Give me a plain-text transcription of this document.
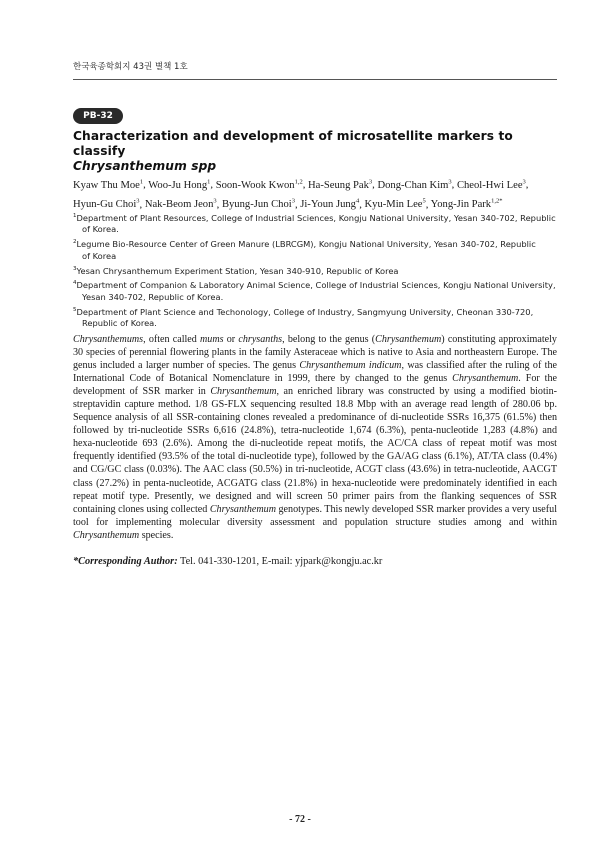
한국육종학회지 43권 별책 1호
PB-32
Characterization and development of microsatellite markers to classify
Chrysanthemum spp
Kyaw Thu Moe$^1$, Woo-Ju Hong$^1$, Soon-Wook Kwon$^{1,2}$, Ha-Seung Pak$^3$, Dong-Chan Kim$^3$, Cheol-Hwi Lee$^3$, Hyun-Gu Choi$^3$, Nak-Beom Jeon$^3$, Byung-Jun Choi$^3$, Ji-Youn Jung$^4$, Kyu-Min Lee$^5$, Yong-Jin Park$^{1,2*}$
$^1$Department of Plant Resources, College of Industrial Sciences, Kongju National University, Yesan 340-702, Republic
of Korea.
$^2$Legume Bio-Resource Center of Green Manure (LBRCGM), Kongju National University, Yesan 340-702, Republic
of Korea
$^3$Yesan Chrysanthemum Experiment Station, Yesan 340-910, Republic of Korea
$^4$Department of Companion & Laboratory Animal Science, College of Industrial Sciences, Kongju National University,
Yesan 340-702, Republic of Korea.
$^5$Department of Plant Science and Techonology, College of Industry, Sangmyung University, Cheonan 330-720,
Republic of Korea.
Chrysanthemums, often called mums or chrysanths, belong to the genus (Chrysanthemum) constituting approximately 30 species of perennial flowering plants in the family Asteraceae which is native to Asia and northeastern Europe. The genus included a larger number of species. The genus Chrysanthemum indicum, was classified after the ruling of the International Code of Botanical Nomenclature in 1999, there by changed to the genus Chrysanthemum. For the development of SSR marker in Chrysanthemum, an enriched library was constructed by using a modified biotin-streptavidin capture method. 1/8 GS-FLX sequencing resulted 18.8 Mbp with an average read length of 280.06 bp. Sequence analysis of all SSR-containing clones revealed a predominance of di-nucleotide SSRs 16,375 (61.5%) then followed by tri-nucleotide SSRs 6,616 (24.8%), tetra-nucleotide 1,674 (6.3%), penta-nucleotide 1,283 (4.8%) and hexa-nucleotide 693 (2.6%). Among the di-nucleotide repeat motifs, the AC/CA class of repeat motif was most frequently identified (93.5% of the total di-nucleotide type), followed by the GA/AG class (6.1%), AT/TA class (0.4%) and CG/GC class (0.03%). The AAC class (50.5%) in tri-nucleotide, ACGT class (43.6%) in tetra-nucleotide, AACGT class (27.2%) in penta-nucleotide, ACGATG class (21.8%) in hexa-nucleotide were predominately identified in each repeat motif type. Presently, we designed and will screen 50 primer pairs from the flanking sequences of SSR containing clones using collected Chrysanthemum genotypes. This newly developed SSR marker provides a very useful tool for implementing molecular diversity assessment and population structure studies among and within Chrysanthemum species.
*Corresponding Author: Tel. 041-330-1201, E-mail: yjpark@kongju.ac.kr
- 72 -
